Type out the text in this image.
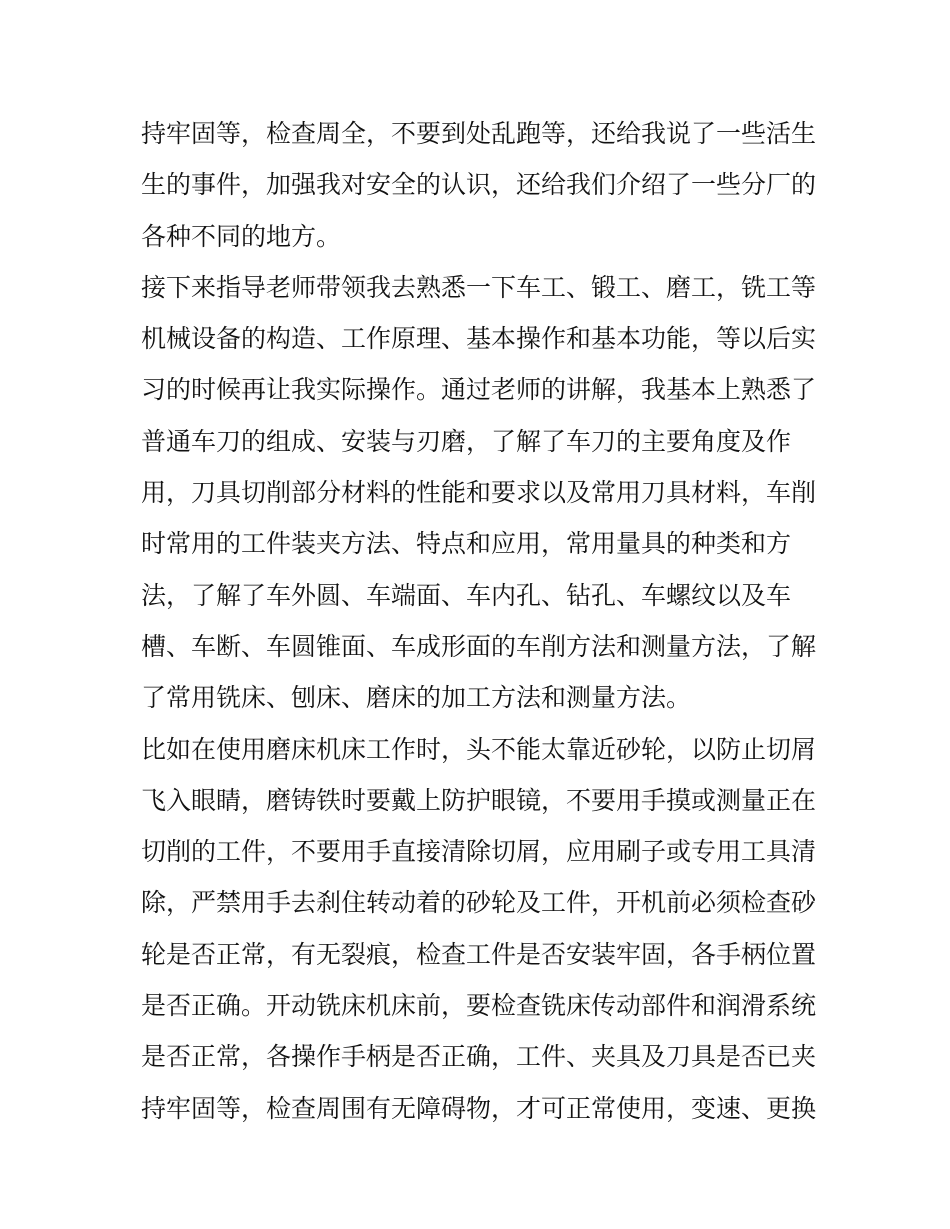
持牢固等，检查周全，不要到处乱跑等，还给我说了一些活生
生的事件，加强我对安全的认识，还给我们介绍了一些分厂的
各种不同的地方。
接下来指导老师带领我去熟悉一下车工、锻工、磨工，铣工等
机械设备的构造、工作原理、基本操作和基本功能，等以后实
习的时候再让我实际操作。通过老师的讲解，我基本上熟悉了
普通车刀的组成、安装与刃磨，了解了车刀的主要角度及作
用，刀具切削部分材料的性能和要求以及常用刀具材料，车削
时常用的工件装夹方法、特点和应用，常用量具的种类和方
法，了解了车外圆、车端面、车内孔、钻孔、车螺纹以及车
槽、车断、车圆锥面、车成形面的车削方法和测量方法，了解
了常用铣床、刨床、磨床的加工方法和测量方法。
比如在使用磨床机床工作时，头不能太靠近砂轮，以防止切屑
飞入眼睛，磨铸铁时要戴上防护眼镜，不要用手摸或测量正在
切削的工件，不要用手直接清除切屑，应用刷子或专用工具清
除，严禁用手去刹住转动着的砂轮及工件，开机前必须检查砂
轮是否正常，有无裂痕，检查工件是否安装牢固，各手柄位置
是否正确。开动铣床机床前，要检查铣床传动部件和润滑系统
是否正常，各操作手柄是否正确，工件、夹具及刀具是否已夹
持牢固等，检查周围有无障碍物，才可正常使用，变速、更换
